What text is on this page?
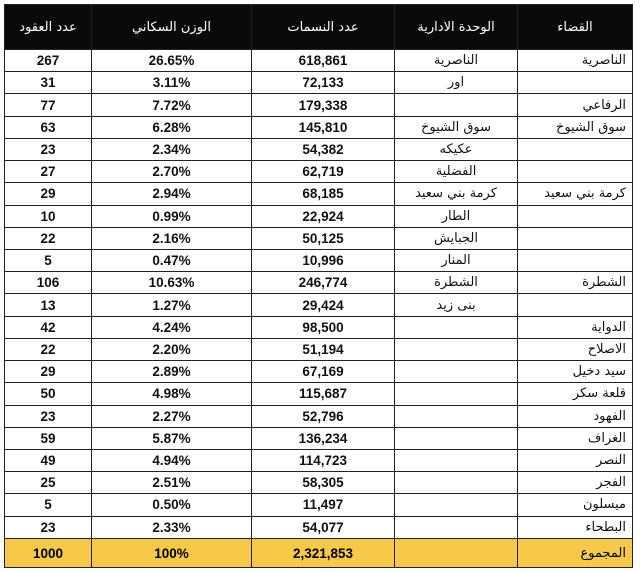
عدد العقود	الوزن السكاني	عدد النسمات	الوحدة الادارية	القضاء
267	26.65%	618,861	الناصرية	الناصرية
31	3.11%	72,133	اور	
77	7.72%	179,338		الرفاعي
63	6.28%	145,810	سوق الشيوخ	سوق الشيوخ
23	2.34%	54,382	عكيكه	
27	2.70%	62,719	الفضلية	
29	2.94%	68,185	كرمة بني سعيد	كرمة بني سعيد
10	0.99%	22,924	الطار	
22	2.16%	50,125	الجبايش	
5	0.47%	10,996	المنار	
106	10.63%	246,774	الشطرة	الشطرة
13	1.27%	29,424	بنى زيد	
42	4.24%	98,500		الدواية
22	2.20%	51,194		الاصلاح
29	2.89%	67,169		سيد دخيل
50	4.98%	115,687		قلعة سكر
23	2.27%	52,796		الفهود
59	5.87%	136,234		الغراف
49	4.94%	114,723		النصر
25	2.51%	58,305		الفجر
5	0.50%	11,497		ميسلون
23	2.33%	54,077		البطحاء
1000	100%	2,321,853		المجموع
